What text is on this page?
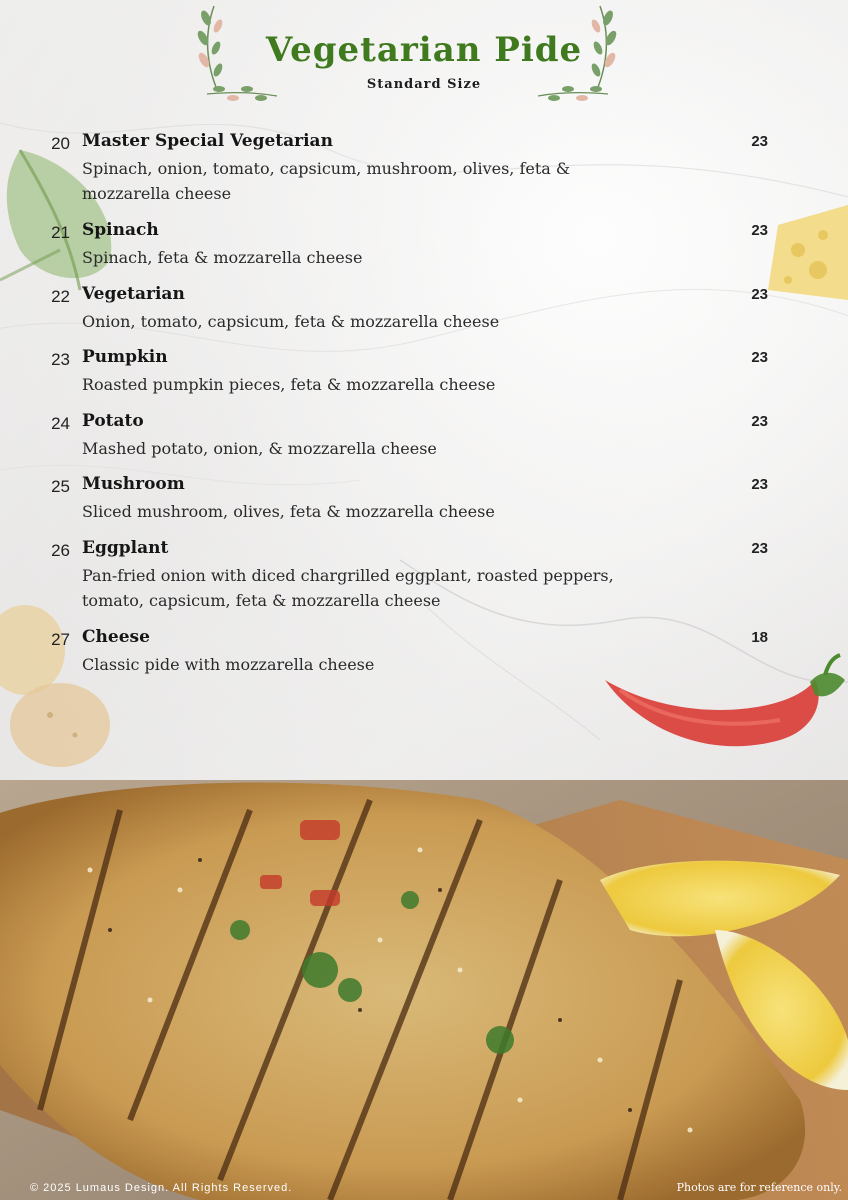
Vegetarian Pide
Standard Size
20 Master Special Vegetarian
Spinach, onion, tomato, capsicum, mushroom, olives, feta &
mozzarella cheese
23
21 Spinach
Spinach, feta & mozzarella cheese
23
22 Vegetarian
Onion, tomato, capsicum, feta & mozzarella cheese
23
23 Pumpkin
Roasted pumpkin pieces, feta & mozzarella cheese
23
24 Potato
Mashed potato, onion, & mozzarella cheese
23
25 Mushroom
Sliced mushroom, olives, feta & mozzarella cheese
23
26 Eggplant
Pan-fried onion with diced chargrilled eggplant, roasted peppers,
tomato, capsicum, feta & mozzarella cheese
23
27 Cheese
Classic pide with mozzarella cheese
18
© 2025 Lumaus Design. All Rights Reserved.	Photos are for reference only.
